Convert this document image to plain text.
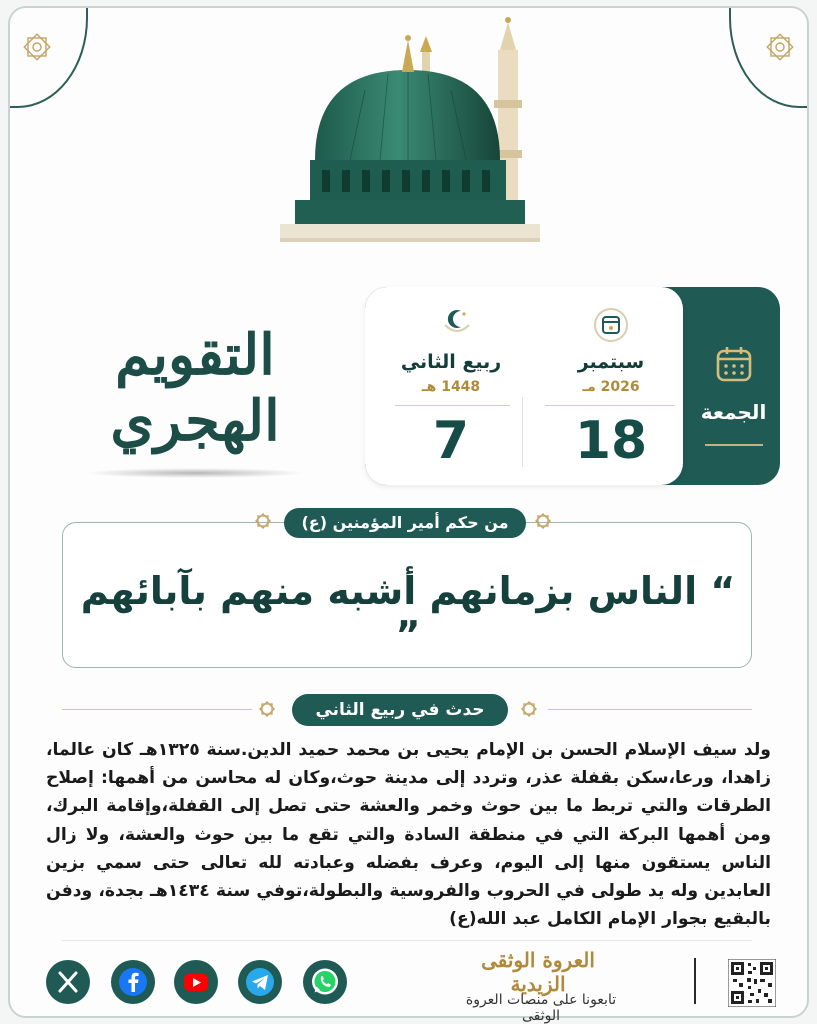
الجمعة
سبتمبر
2026 مـ
18
ربيع الثاني
1448 هـ
7
التقويم الهجري
“ الناس بزمانهم أشبه منهم بآبائهم ”
من حكم أمير المؤمنين (ع)
حدث في ربيع الثاني
ولد سيف الإسلام الحسن بن الإمام يحيى بن محمد حميد الدين.سنة ١٣٢٥هـ كان عالما، زاهدا، ورعا،سكن بقفلة عذر، وتردد إلى مدينة حوث،وكان له محاسن من أهمها: إصلاح الطرقات والتي تربط ما بين حوث وخمر والعشة حتى تصل إلى القفلة،وإقامة البرك، ومن أهمها البركة التي في منطقة السادة والتي تقع ما بين حوث والعشة، ولا زال الناس يستقون منها إلى اليوم، وعرف بفضله وعبادته لله تعالى حتى سمي بزين العابدين وله يد طولى في الحروب والفروسية والبطولة،توفي سنة ١٤٣٤هـ بجدة، ودفن بالبقيع بجوار الإمام الكامل عبد الله(ع)
العروة الوثقى الزيدية
تابعونا على منصات العروة الوثقى
